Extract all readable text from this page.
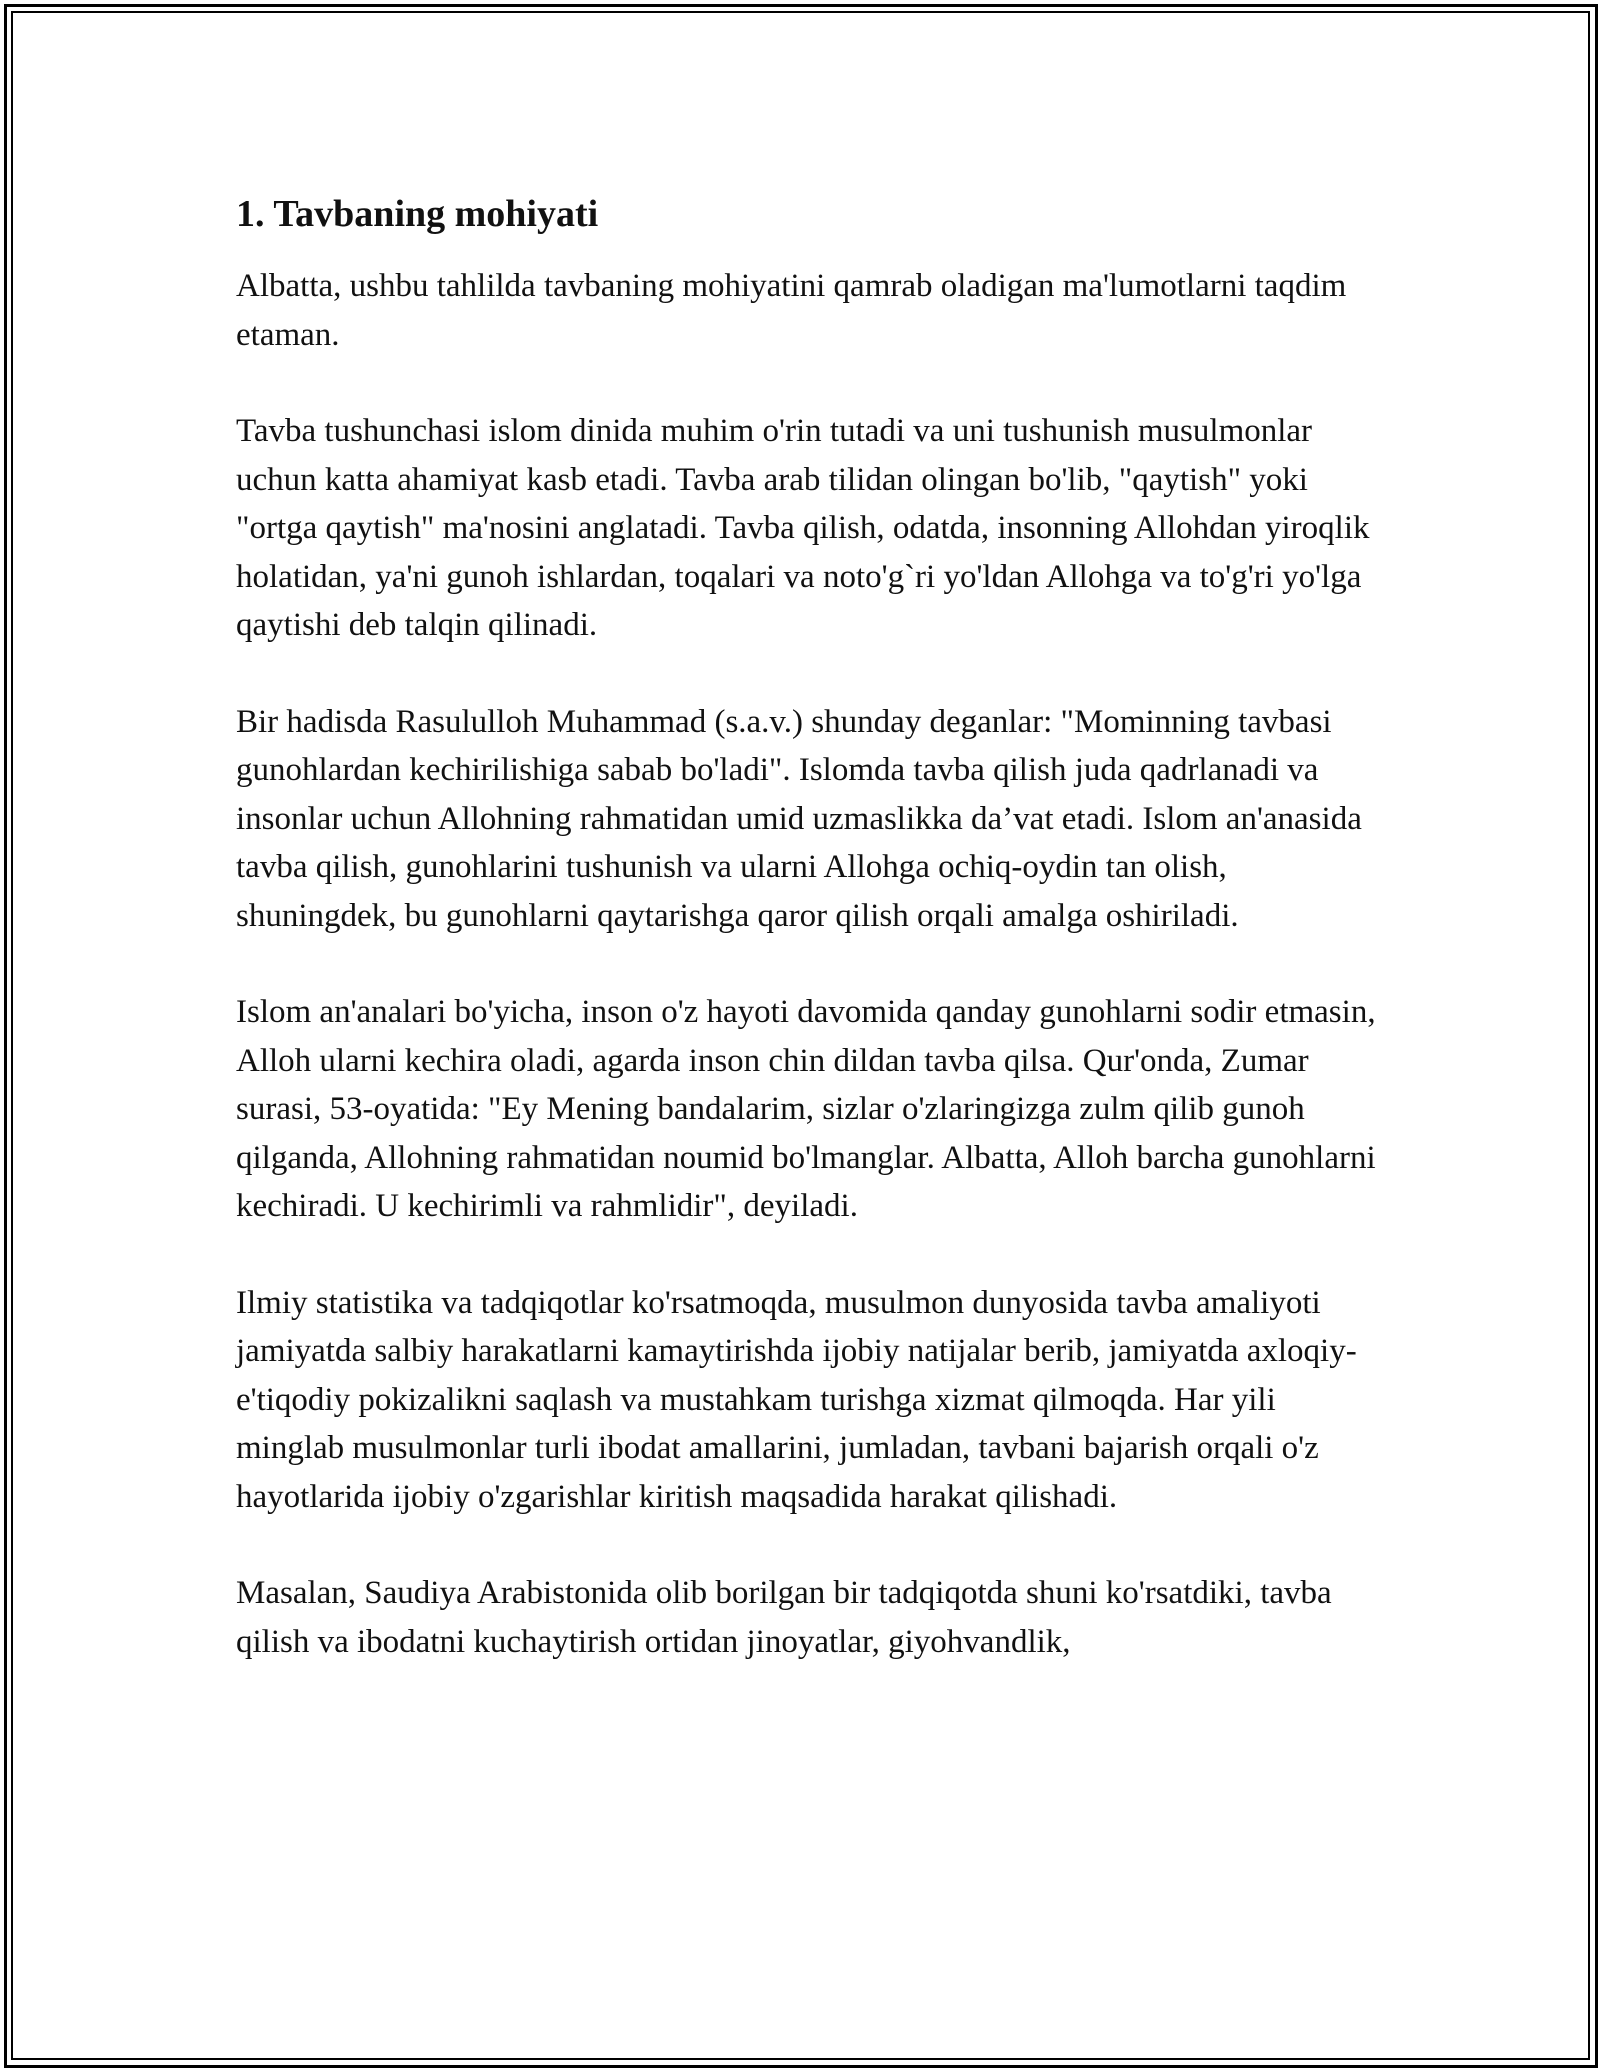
1. Tavbaning mohiyati

Albatta, ushbu tahlilda tavbaning mohiyatini qamrab oladigan ma'lumotlarni taqdim etaman.

Tavba tushunchasi islom dinida muhim o'rin tutadi va uni tushunish musulmonlar uchun katta ahamiyat kasb etadi. Tavba arab tilidan olingan bo'lib, "qaytish" yoki "ortga qaytish" ma'nosini anglatadi. Tavba qilish, odatda, insonning Allohdan yiroqlik holatidan, ya'ni gunoh ishlardan, toqalari va noto'g`ri yo'ldan Allohga va to'g'ri yo'lga qaytishi deb talqin qilinadi.

Bir hadisda Rasululloh Muhammad (s.a.v.) shunday deganlar: "Mominning tavbasi gunohlardan kechirilishiga sabab bo'ladi". Islomda tavba qilish juda qadrlanadi va insonlar uchun Allohning rahmatidan umid uzmaslikka da’vat etadi. Islom an'anasida tavba qilish, gunohlarini tushunish va ularni Allohga ochiq-oydin tan olish, shuningdek, bu gunohlarni qaytarishga qaror qilish orqali amalga oshiriladi.

Islom an'analari bo'yicha, inson o'z hayoti davomida qanday gunohlarni sodir etmasin, Alloh ularni kechira oladi, agarda inson chin dildan tavba qilsa. Qur'onda, Zumar surasi, 53-oyatida: "Ey Mening bandalarim, sizlar o'zlaringizga zulm qilib gunoh qilganda, Allohning rahmatidan noumid bo'lmanglar. Albatta, Alloh barcha gunohlarni kechiradi. U kechirimli va rahmlidir", deyiladi.

Ilmiy statistika va tadqiqotlar ko'rsatmoqda, musulmon dunyosida tavba amaliyoti jamiyatda salbiy harakatlarni kamaytirishda ijobiy natijalar berib, jamiyatda axloqiy-e'tiqodiy pokizalikni saqlash va mustahkam turishga xizmat qilmoqda. Har yili minglab musulmonlar turli ibodat amallarini, jumladan, tavbani bajarish orqali o'z hayotlarida ijobiy o'zgarishlar kiritish maqsadida harakat qilishadi.

Masalan, Saudiya Arabistonida olib borilgan bir tadqiqotda shuni ko'rsatdiki, tavba qilish va ibodatni kuchaytirish ortidan jinoyatlar, giyohvandlik,
